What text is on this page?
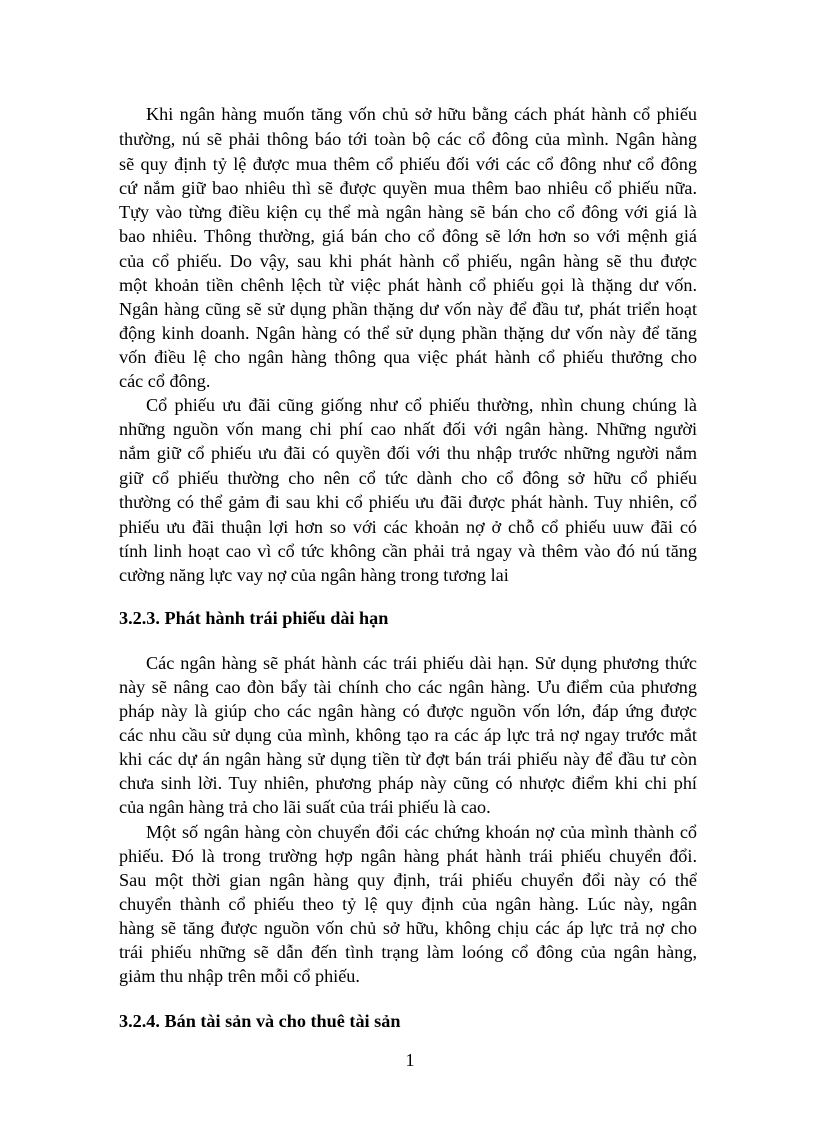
Khi ngân hàng muốn tăng vốn chủ sở hữu bằng cách phát hành cổ phiếu
thường, nú sẽ phải thông báo tới toàn bộ các cổ đông của mình. Ngân hàng
sẽ quy định tỷ lệ được mua thêm cổ phiếu đối với các cổ đông như cổ đông
cứ nắm giữ bao nhiêu thì sẽ được quyền mua thêm bao nhiêu cổ phiếu nữa.
Tựy vào từng điều kiện cụ thể mà ngân hàng sẽ bán cho cổ đông với giá là
bao nhiêu. Thông thường, giá bán cho cổ đông sẽ lớn hơn so với mệnh giá
của cổ phiếu. Do vậy, sau khi phát hành cổ phiếu, ngân hàng sẽ thu được
một khoản tiền chênh lệch từ việc phát hành cổ phiếu gọi là thặng dư vốn.
Ngân hàng cũng sẽ sử dụng phần thặng dư vốn này để đầu tư, phát triển hoạt
động kinh doanh. Ngân hàng có thể sử dụng phần thặng dư vốn này để tăng
vốn điều lệ cho ngân hàng thông qua việc phát hành cổ phiếu thưởng cho
các cổ đông.
Cổ phiếu ưu đãi cũng giống như cổ phiếu thường, nhìn chung chúng là
những nguồn vốn mang chi phí cao nhất đối với ngân hàng. Những người
nắm giữ cổ phiếu ưu đãi có quyền đối với thu nhập trước những người nắm
giữ cổ phiếu thường cho nên cổ tức dành cho cổ đông sở hữu cổ phiếu
thường có thể gảm đi sau khi cổ phiếu ưu đãi được phát hành. Tuy nhiên, cổ
phiếu ưu đãi thuận lợi hơn so với các khoản nợ ở chỗ cổ phiếu uuw đãi có
tính linh hoạt cao vì cổ tức không cần phải trả ngay và thêm vào đó nú tăng
cường năng lực vay nợ của ngân hàng trong tương lai
3.2.3. Phát hành trái phiếu dài hạn
Các ngân hàng sẽ phát hành các trái phiếu dài hạn. Sử dụng phương thức
này sẽ nâng cao đòn bẩy tài chính cho các ngân hàng. Ưu điểm của phương
pháp này là giúp cho các ngân hàng có được nguồn vốn lớn, đáp ứng được
các nhu cầu sử dụng của mình, không tạo ra các áp lực trả nợ ngay trước mắt
khi các dự án ngân hàng sử dụng tiền từ đợt bán trái phiếu này để đầu tư còn
chưa sinh lời. Tuy nhiên, phương pháp này cũng có nhược điểm khi chi phí
của ngân hàng trả cho lãi suất của trái phiếu là cao.
Một số ngân hàng còn chuyển đổi các chứng khoán nợ của mình thành cổ
phiếu. Đó là trong trường hợp ngân hàng phát hành trái phiếu chuyển đổi.
Sau một thời gian ngân hàng quy định, trái phiếu chuyển đổi này có thể
chuyển thành cổ phiếu theo tỷ lệ quy định của ngân hàng. Lúc này, ngân
hàng sẽ tăng được nguồn vốn chủ sở hữu, không chịu các áp lực trả nợ cho
trái phiếu những sẽ dẫn đến tình trạng làm loóng cổ đông của ngân hàng,
giảm thu nhập trên mỗi cổ phiếu.
3.2.4. Bán tài sản và cho thuê tài sản
1
